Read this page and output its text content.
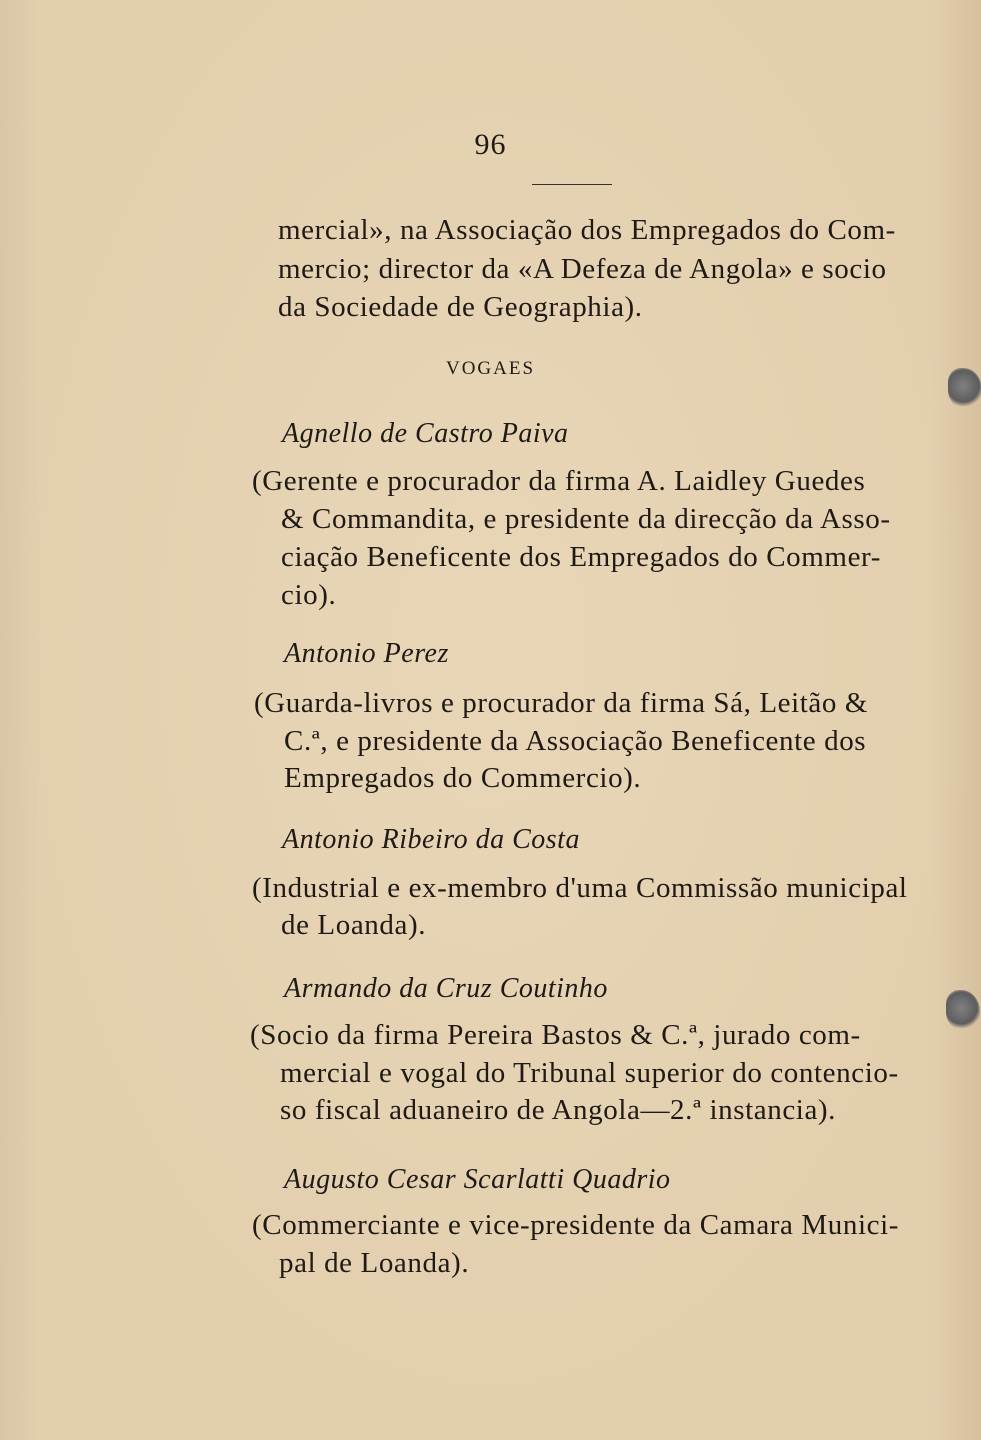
96
mercial», na Associação dos Empregados do Com-
mercio; director da «A Defeza de Angola» e socio
da Sociedade de Geographia).
VOGAES
Agnello de Castro Paiva
(Gerente e procurador da firma A. Laidley Guedes
& Commandita, e presidente da direcção da Asso-
ciação Beneficente dos Empregados do Commer-
cio).
Antonio Perez
(Guarda-livros e procurador da firma Sá, Leitão &
C.ª, e presidente da Associação Beneficente dos
Empregados do Commercio).
Antonio Ribeiro da Costa
(Industrial e ex-membro d'uma Commissão municipal
de Loanda).
Armando da Cruz Coutinho
(Socio da firma Pereira Bastos & C.ª, jurado com-
mercial e vogal do Tribunal superior do contencio-
so fiscal aduaneiro de Angola—2.ª instancia).
Augusto Cesar Scarlatti Quadrio
(Commerciante e vice-presidente da Camara Munici-
pal de Loanda).
